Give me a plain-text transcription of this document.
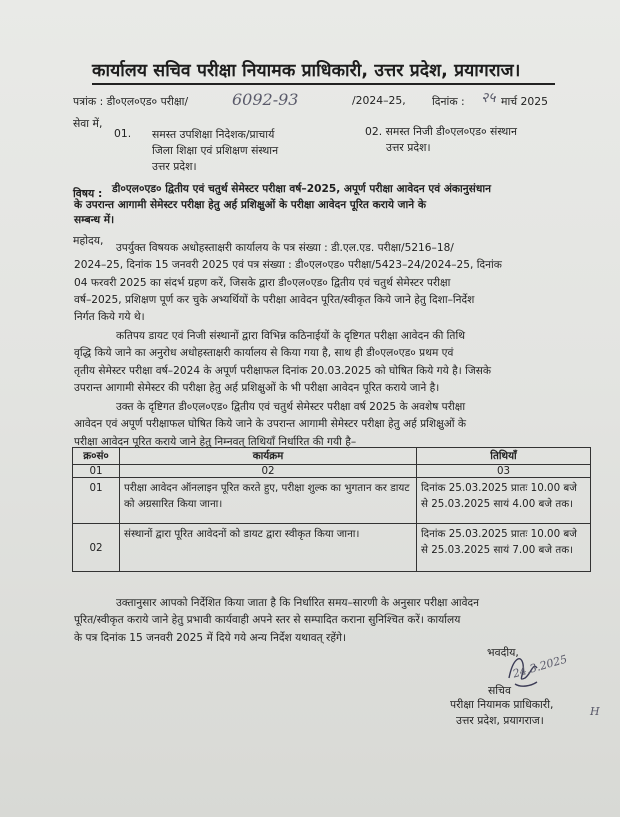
कार्यालय सचिव परीक्षा नियामक प्राधिकारी, उत्तर प्रदेश, प्रयागराज।
पत्रांक : डी०एल०एड० परीक्षा/	6092-93	/2024–25, दिनांक : २५ मार्च 2025
सेवा में,
01. समस्त उपशिक्षा निदेशक/प्राचार्य
जिला शिक्षा एवं प्रशिक्षण संस्थान
उत्तर प्रदेश।
02. समस्त निजी डी०एल०एड० संस्थान
उत्तर प्रदेश।
विषय : डी०एल०एड० द्वितीय एवं चतुर्थ सेमेस्टर परीक्षा वर्ष–2025, अपूर्ण परीक्षा आवेदन एवं अंकानुसंधान
के उपरान्त आगामी सेमेस्टर परीक्षा हेतु अर्ह प्रशिक्षुओं के परीक्षा आवेदन पूरित कराये जाने के
सम्बन्ध में।
महोदय,
उपर्युक्त विषयक अधोहस्ताक्षरी कार्यालय के पत्र संख्या : डी.एल.एड. परीक्षा/5216–18/
2024–25, दिनांक 15 जनवरी 2025 एवं पत्र संख्या : डी०एल०एड० परीक्षा/5423–24/2024–25, दिनांक
04 फरवरी 2025 का संदर्भ ग्रहण करें, जिसके द्वारा डी०एल०एड० द्वितीय एवं चतुर्थ सेमेस्टर परीक्षा
वर्ष–2025, प्रशिक्षण पूर्ण कर चुके अभ्यर्थियों के परीक्षा आवेदन पूरित/स्वीकृत किये जाने हेतु दिशा–निर्देश
निर्गत किये गये थे।
कतिपय डायट एवं निजी संस्थानों द्वारा विभिन्न कठिनाईयों के दृष्टिगत परीक्षा आवेदन की तिथि
वृद्धि किये जाने का अनुरोध अधोहस्ताक्षरी कार्यालय से किया गया है, साथ ही डी०एल०एड० प्रथम एवं
तृतीय सेमेस्टर परीक्षा वर्ष–2024 के अपूर्ण परीक्षाफल दिनांक 20.03.2025 को घोषित किये गये है। जिसके
उपरान्त आगामी सेमेस्टर की परीक्षा हेतु अर्ह प्रशिक्षुओं के भी परीक्षा आवेदन पूरित कराये जाने है।
उक्त के दृष्टिगत डी०एल०एड० द्वितीय एवं चतुर्थ सेमेस्टर परीक्षा वर्ष 2025 के अवशेष परीक्षा
आवेदन एवं अपूर्ण परीक्षाफल घोषित किये जाने के उपरान्त आगामी सेमेस्टर परीक्षा हेतु अर्ह प्रशिक्षुओं के
परीक्षा आवेदन पूरित कराये जाने हेतु निम्नवत् तिथियाँ निर्धारित की गयी है–
क्र०सं०	कार्यक्रम	तिथियाँ
01	02	03
01	परीक्षा आवेदन ऑनलाइन पूरित करते हुए, परीक्षा शुल्क का भुगतान कर डायट को अग्रसारित किया जाना।	दिनांक 25.03.2025 प्रातः 10.00 बजे से 25.03.2025 सायं 4.00 बजे तक।
02	संस्थानों द्वारा पूरित आवेदनों को डायट द्वारा स्वीकृत किया जाना।	दिनांक 25.03.2025 प्रातः 10.00 बजे से 25.03.2025 सायं 7.00 बजे तक।
उक्तानुसार आपको निर्देशित किया जाता है कि निर्धारित समय–सारणी के अनुसार परीक्षा आवेदन
पूरित/स्वीकृत कराये जाने हेतु प्रभावी कार्यवाही अपने स्तर से सम्पादित कराना सुनिश्चित करें। कार्यालय
के पत्र दिनांक 15 जनवरी 2025 में दिये गये अन्य निर्देश यथावत् रहेंगे।
भवदीय,
24.3.2025
सचिव
परीक्षा नियामक प्राधिकारी,
उत्तर प्रदेश, प्रयागराज।
H
